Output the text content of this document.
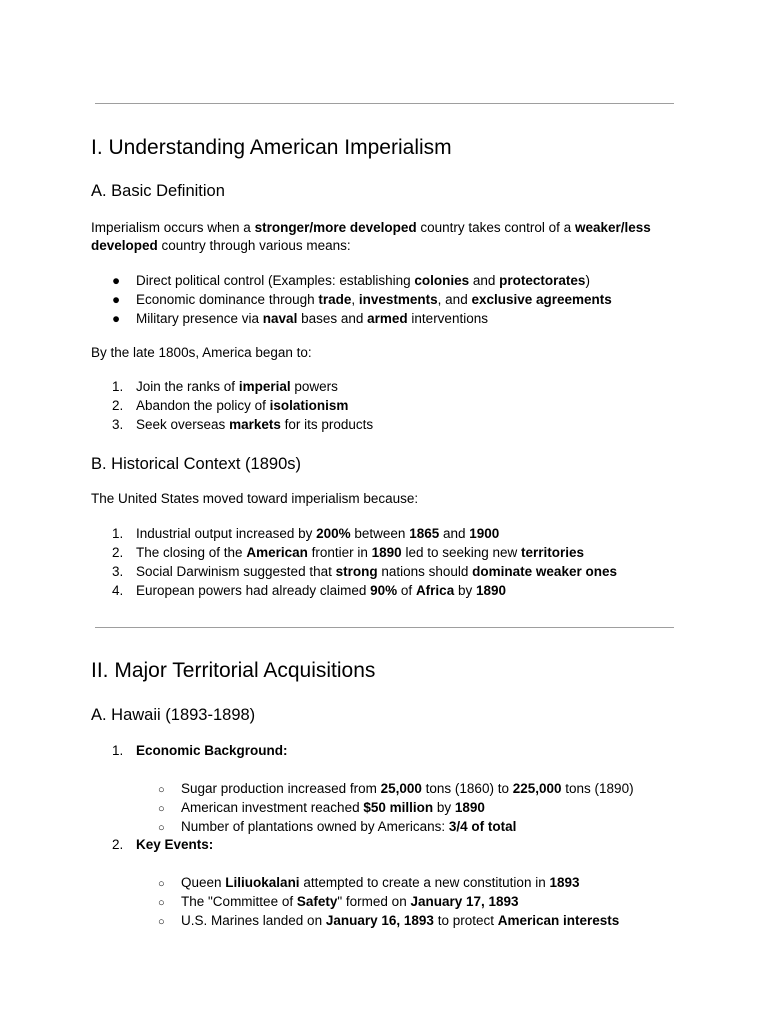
I. Understanding American Imperialism
A. Basic Definition

Imperialism occurs when a stronger/more developed country takes control of a weaker/less developed country through various means:

● Direct political control (Examples: establishing colonies and protectorates)
● Economic dominance through trade, investments, and exclusive agreements
● Military presence via naval bases and armed interventions

By the late 1800s, America began to:

1. Join the ranks of imperial powers
2. Abandon the policy of isolationism
3. Seek overseas markets for its products
B. Historical Context (1890s)

The United States moved toward imperialism because:

1. Industrial output increased by 200% between 1865 and 1900
2. The closing of the American frontier in 1890 led to seeking new territories
3. Social Darwinism suggested that strong nations should dominate weaker ones
4. European powers had already claimed 90% of Africa by 1890
II. Major Territorial Acquisitions
A. Hawaii (1893-1898)
1. Economic Background:
○ Sugar production increased from 25,000 tons (1860) to 225,000 tons (1890)
○ American investment reached $50 million by 1890
○ Number of plantations owned by Americans: 3/4 of total
2. Key Events:
○ Queen Liliuokalani attempted to create a new constitution in 1893
○ The "Committee of Safety" formed on January 17, 1893
○ U.S. Marines landed on January 16, 1893 to protect American interests
